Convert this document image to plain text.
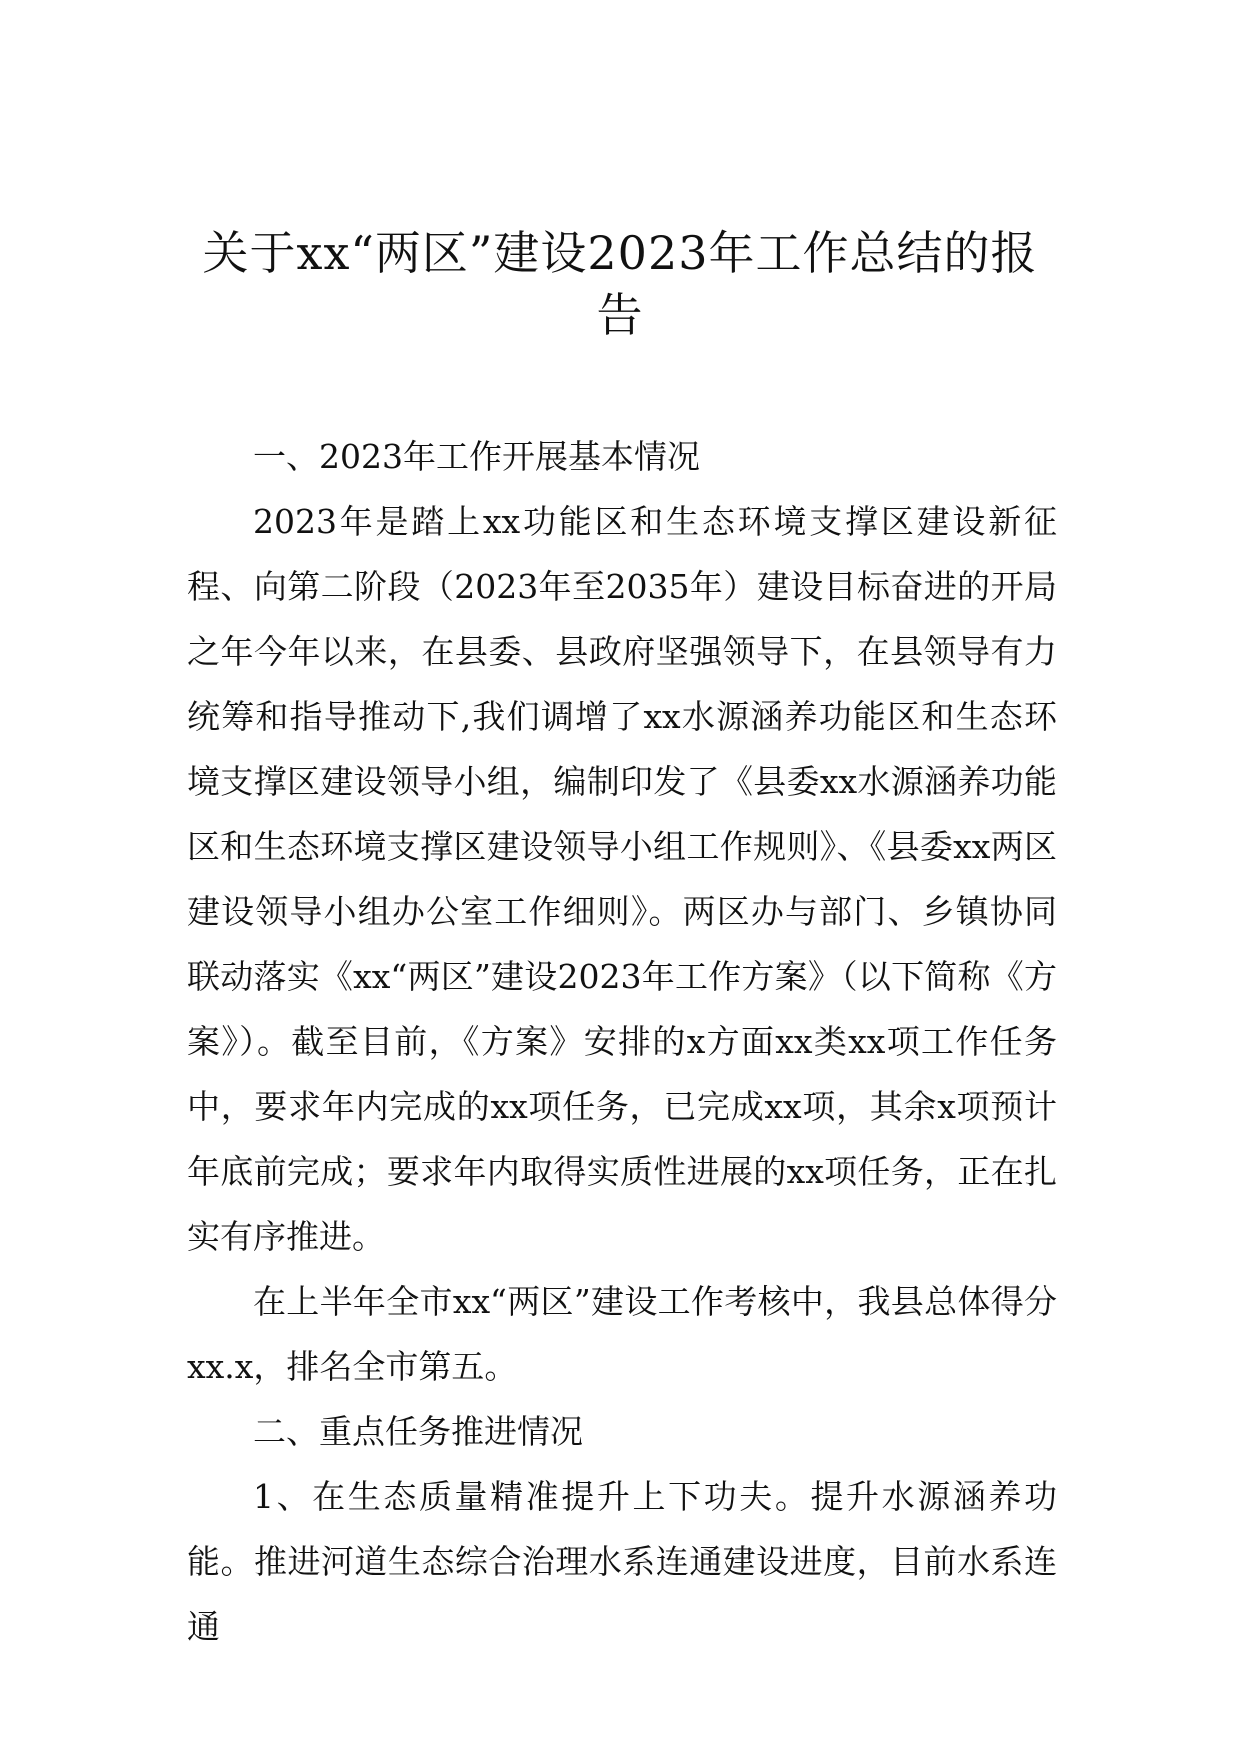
关于xx“两区”建设2023年工作总结的报告

一、2023年工作开展基本情况

2023年是踏上xx功能区和生态环境支撑区建设新征程、向第二阶段（2023年至2035年）建设目标奋进的开局之年今年以来，在县委、县政府坚强领导下，在县领导有力统筹和指导推动下,我们调增了xx水源涵养功能区和生态环境支撑区建设领导小组，编制印发了《县委xx水源涵养功能区和生态环境支撑区建设领导小组工作规则》、《县委xx两区建设领导小组办公室工作细则》。两区办与部门、乡镇协同联动落实《xx“两区”建设2023年工作方案》（以下简称《方案》）。截至目前，《方案》安排的x方面xx类xx项工作任务中，要求年内完成的xx项任务，已完成xx项，其余x项预计年底前完成；要求年内取得实质性进展的xx项任务，正在扎实有序推进。

在上半年全市xx“两区”建设工作考核中，我县总体得分xx.x，排名全市第五。

二、重点任务推进情况

1、在生态质量精准提升上下功夫。提升水源涵养功能。推进河道生态综合治理水系连通建设进度，目前水系连通
